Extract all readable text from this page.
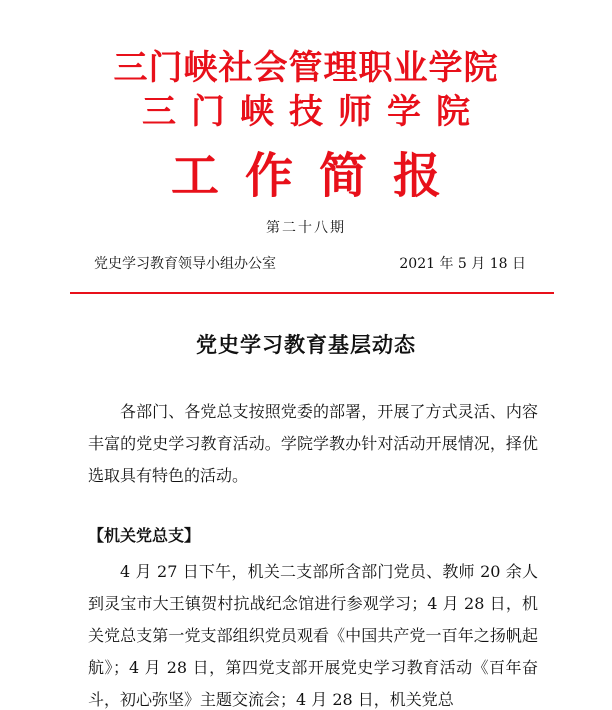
三门峡社会管理职业学院
三门峡技师学院
工作简报
第二十八期
党史学习教育领导小组办公室	2021 年 5 月 18 日
党史学习教育基层动态

各部门、各党总支按照党委的部署，开展了方式灵活、内容丰富的党史学习教育活动。学院学教办针对活动开展情况，择优选取具有特色的活动。

【机关党总支】

4 月 27 日下午，机关二支部所含部门党员、教师 20 余人到灵宝市大王镇贺村抗战纪念馆进行参观学习；4 月 28 日，机关党总支第一党支部组织党员观看《中国共产党一百年之扬帆起航》；4 月 28 日，第四党支部开展党史学习教育活动《百年奋斗，初心弥坚》主题交流会；4 月 28 日，机关党总
